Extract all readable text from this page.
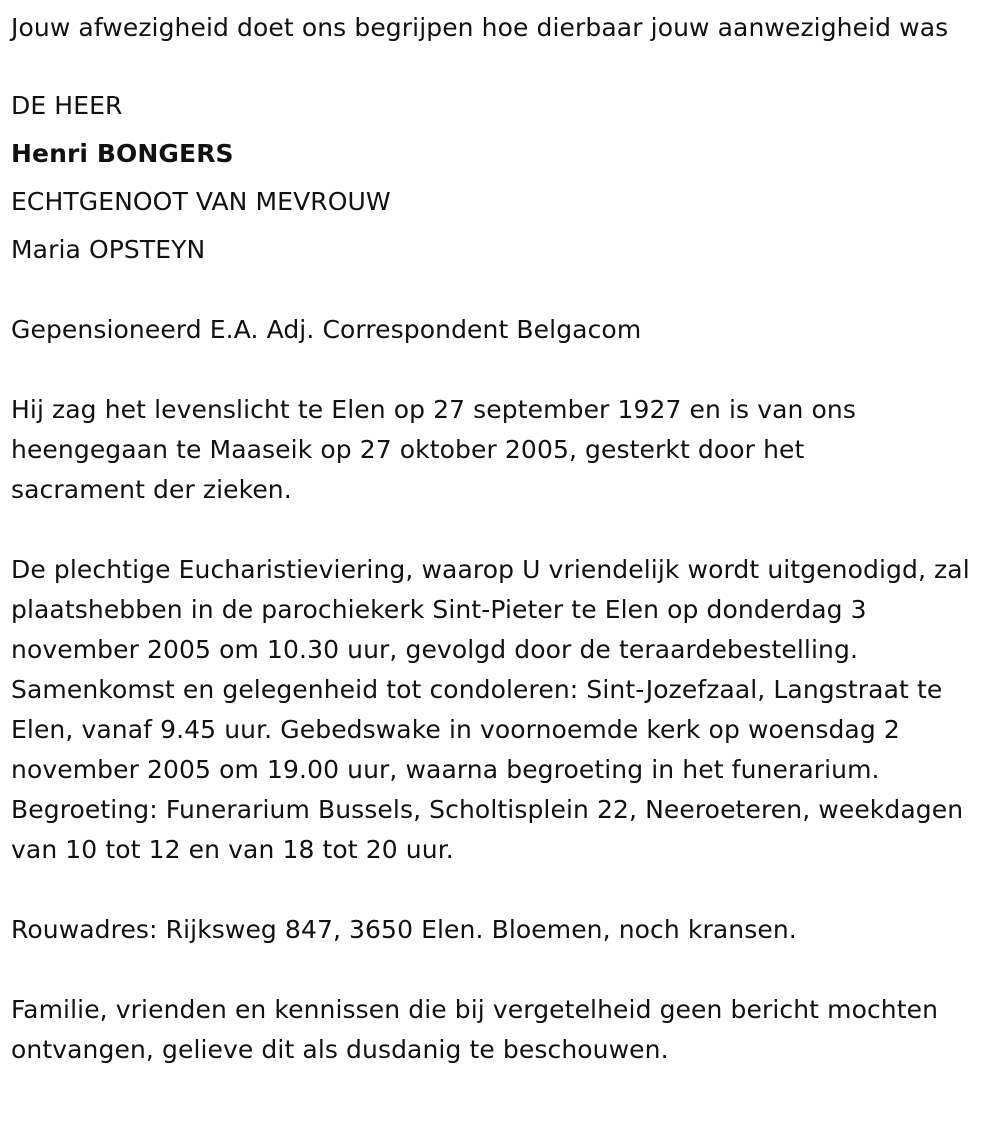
Jouw afwezigheid doet ons begrijpen hoe dierbaar jouw aanwezigheid was

DE HEER

Henri BONGERS

ECHTGENOOT VAN MEVROUW

Maria OPSTEYN

Gepensioneerd E.A. Adj. Correspondent Belgacom

Hij zag het levenslicht te Elen op 27 september 1927 en is van ons heengegaan te Maaseik op 27 oktober 2005, gesterkt door het sacrament der zieken.

De plechtige Eucharistieviering, waarop U vriendelijk wordt uitgenodigd, zal plaatshebben in de parochiekerk Sint-Pieter te Elen op donderdag 3 november 2005 om 10.30 uur, gevolgd door de teraardebestelling. Samenkomst en gelegenheid tot condoleren: Sint-Jozefzaal, Langstraat te Elen, vanaf 9.45 uur. Gebedswake in voornoemde kerk op woensdag 2 november 2005 om 19.00 uur, waarna begroeting in het funerarium. Begroeting: Funerarium Bussels, Scholtisplein 22, Neeroeteren, weekdagen van 10 tot 12 en van 18 tot 20 uur.

Rouwadres: Rijksweg 847, 3650 Elen. Bloemen, noch kransen.

Familie, vrienden en kennissen die bij vergetelheid geen bericht mochten ontvangen, gelieve dit als dusdanig te beschouwen.
